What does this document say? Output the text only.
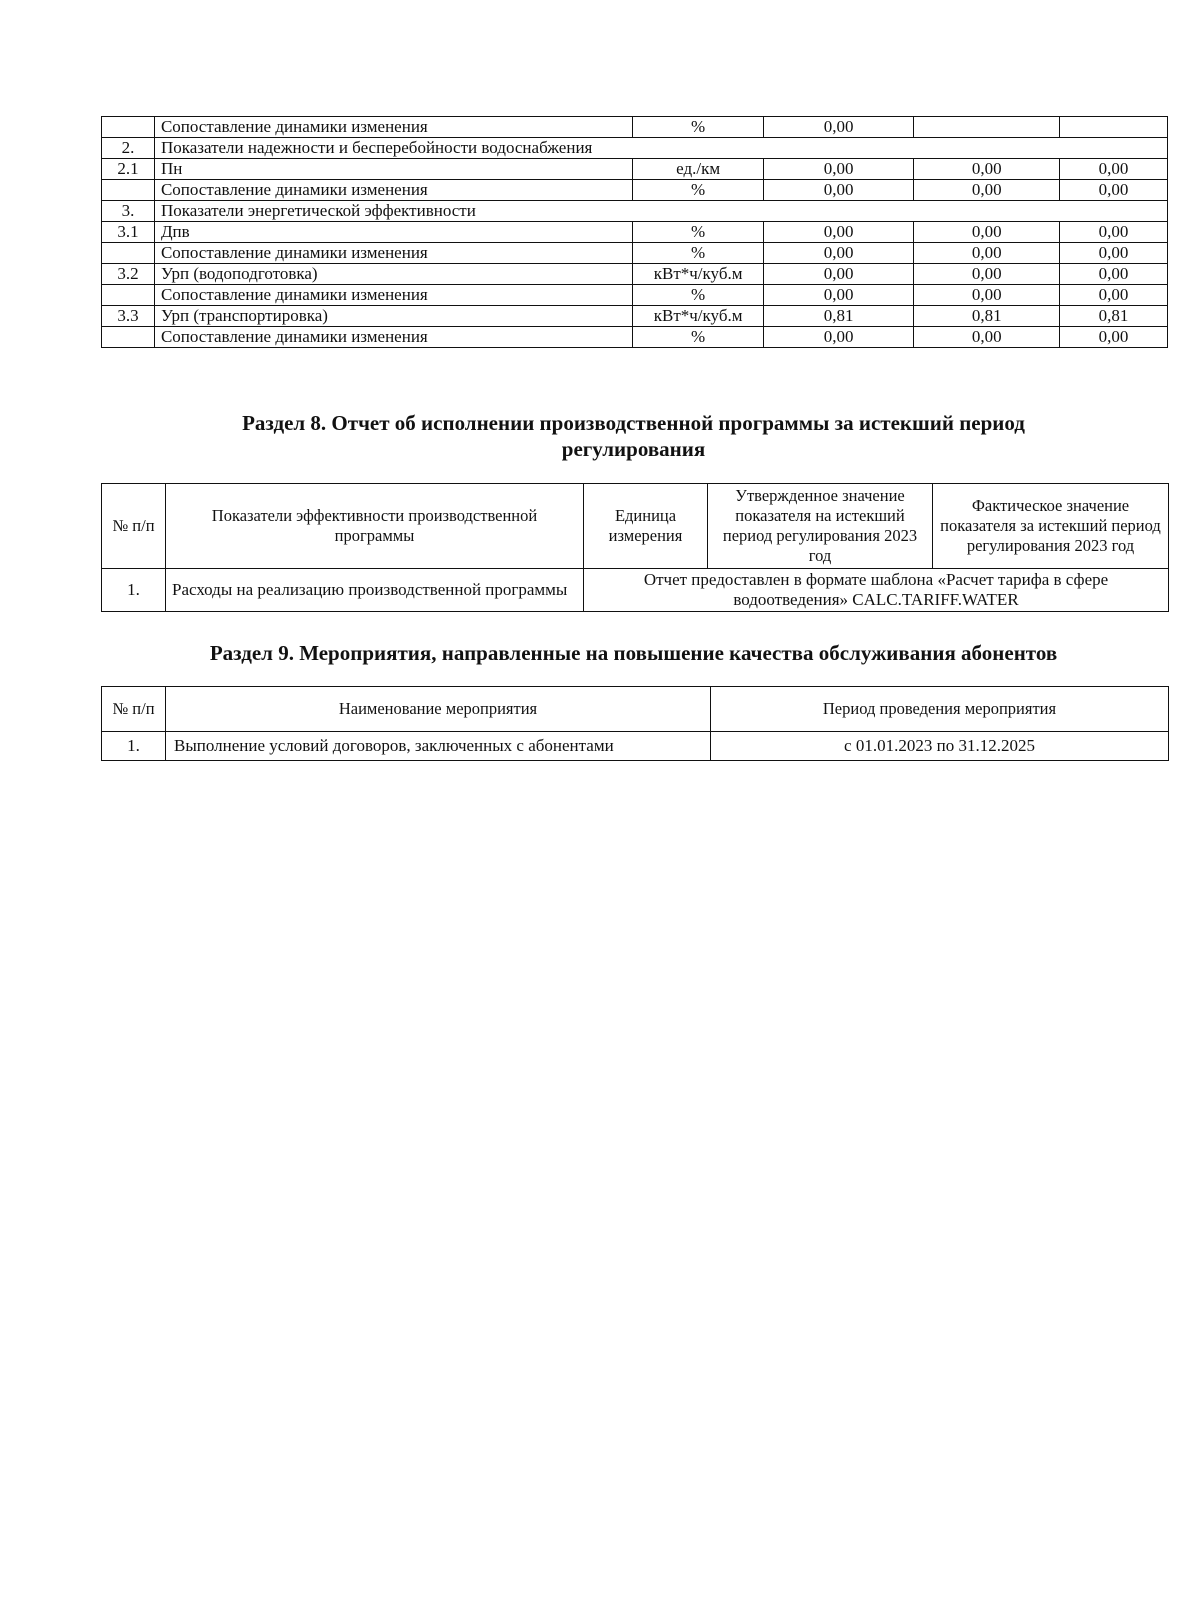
	Сопоставление динамики изменения	%	0,00		
2.	Показатели надежности и бесперебойности водоснабжения				
2.1	Пн	ед./км	0,00	0,00	0,00
	Сопоставление динамики изменения	%	0,00	0,00	0,00
3.	Показатели энергетической эффективности				
3.1	Дпв	%	0,00	0,00	0,00
	Сопоставление динамики изменения	%	0,00	0,00	0,00
3.2	Урп (водоподготовка)	кВт*ч/куб.м	0,00	0,00	0,00
	Сопоставление динамики изменения	%	0,00	0,00	0,00
3.3	Урп (транспортировка)	кВт*ч/куб.м	0,81	0,81	0,81
	Сопоставление динамики изменения	%	0,00	0,00	0,00
Раздел 8. Отчет об исполнении производственной программы за истекший период
регулирования
№ п/п	Показатели эффективности производственной программы	Единица измерения	Утвержденное значение показателя на истекший период регулирования 2023 год	Фактическое значение показателя за истекший период регулирования 2023 год
1.	Расходы на реализацию производственной программы	Отчет предоставлен в формате шаблона «Расчет тарифа в сфере водоотведения» CALC.TARIFF.WATER		
Раздел 9. Мероприятия, направленные на повышение качества обслуживания абонентов
№ п/п	Наименование мероприятия	Период проведения мероприятия
1.	Выполнение условий договоров, заключенных с абонентами	с 01.01.2023 по 31.12.2025
